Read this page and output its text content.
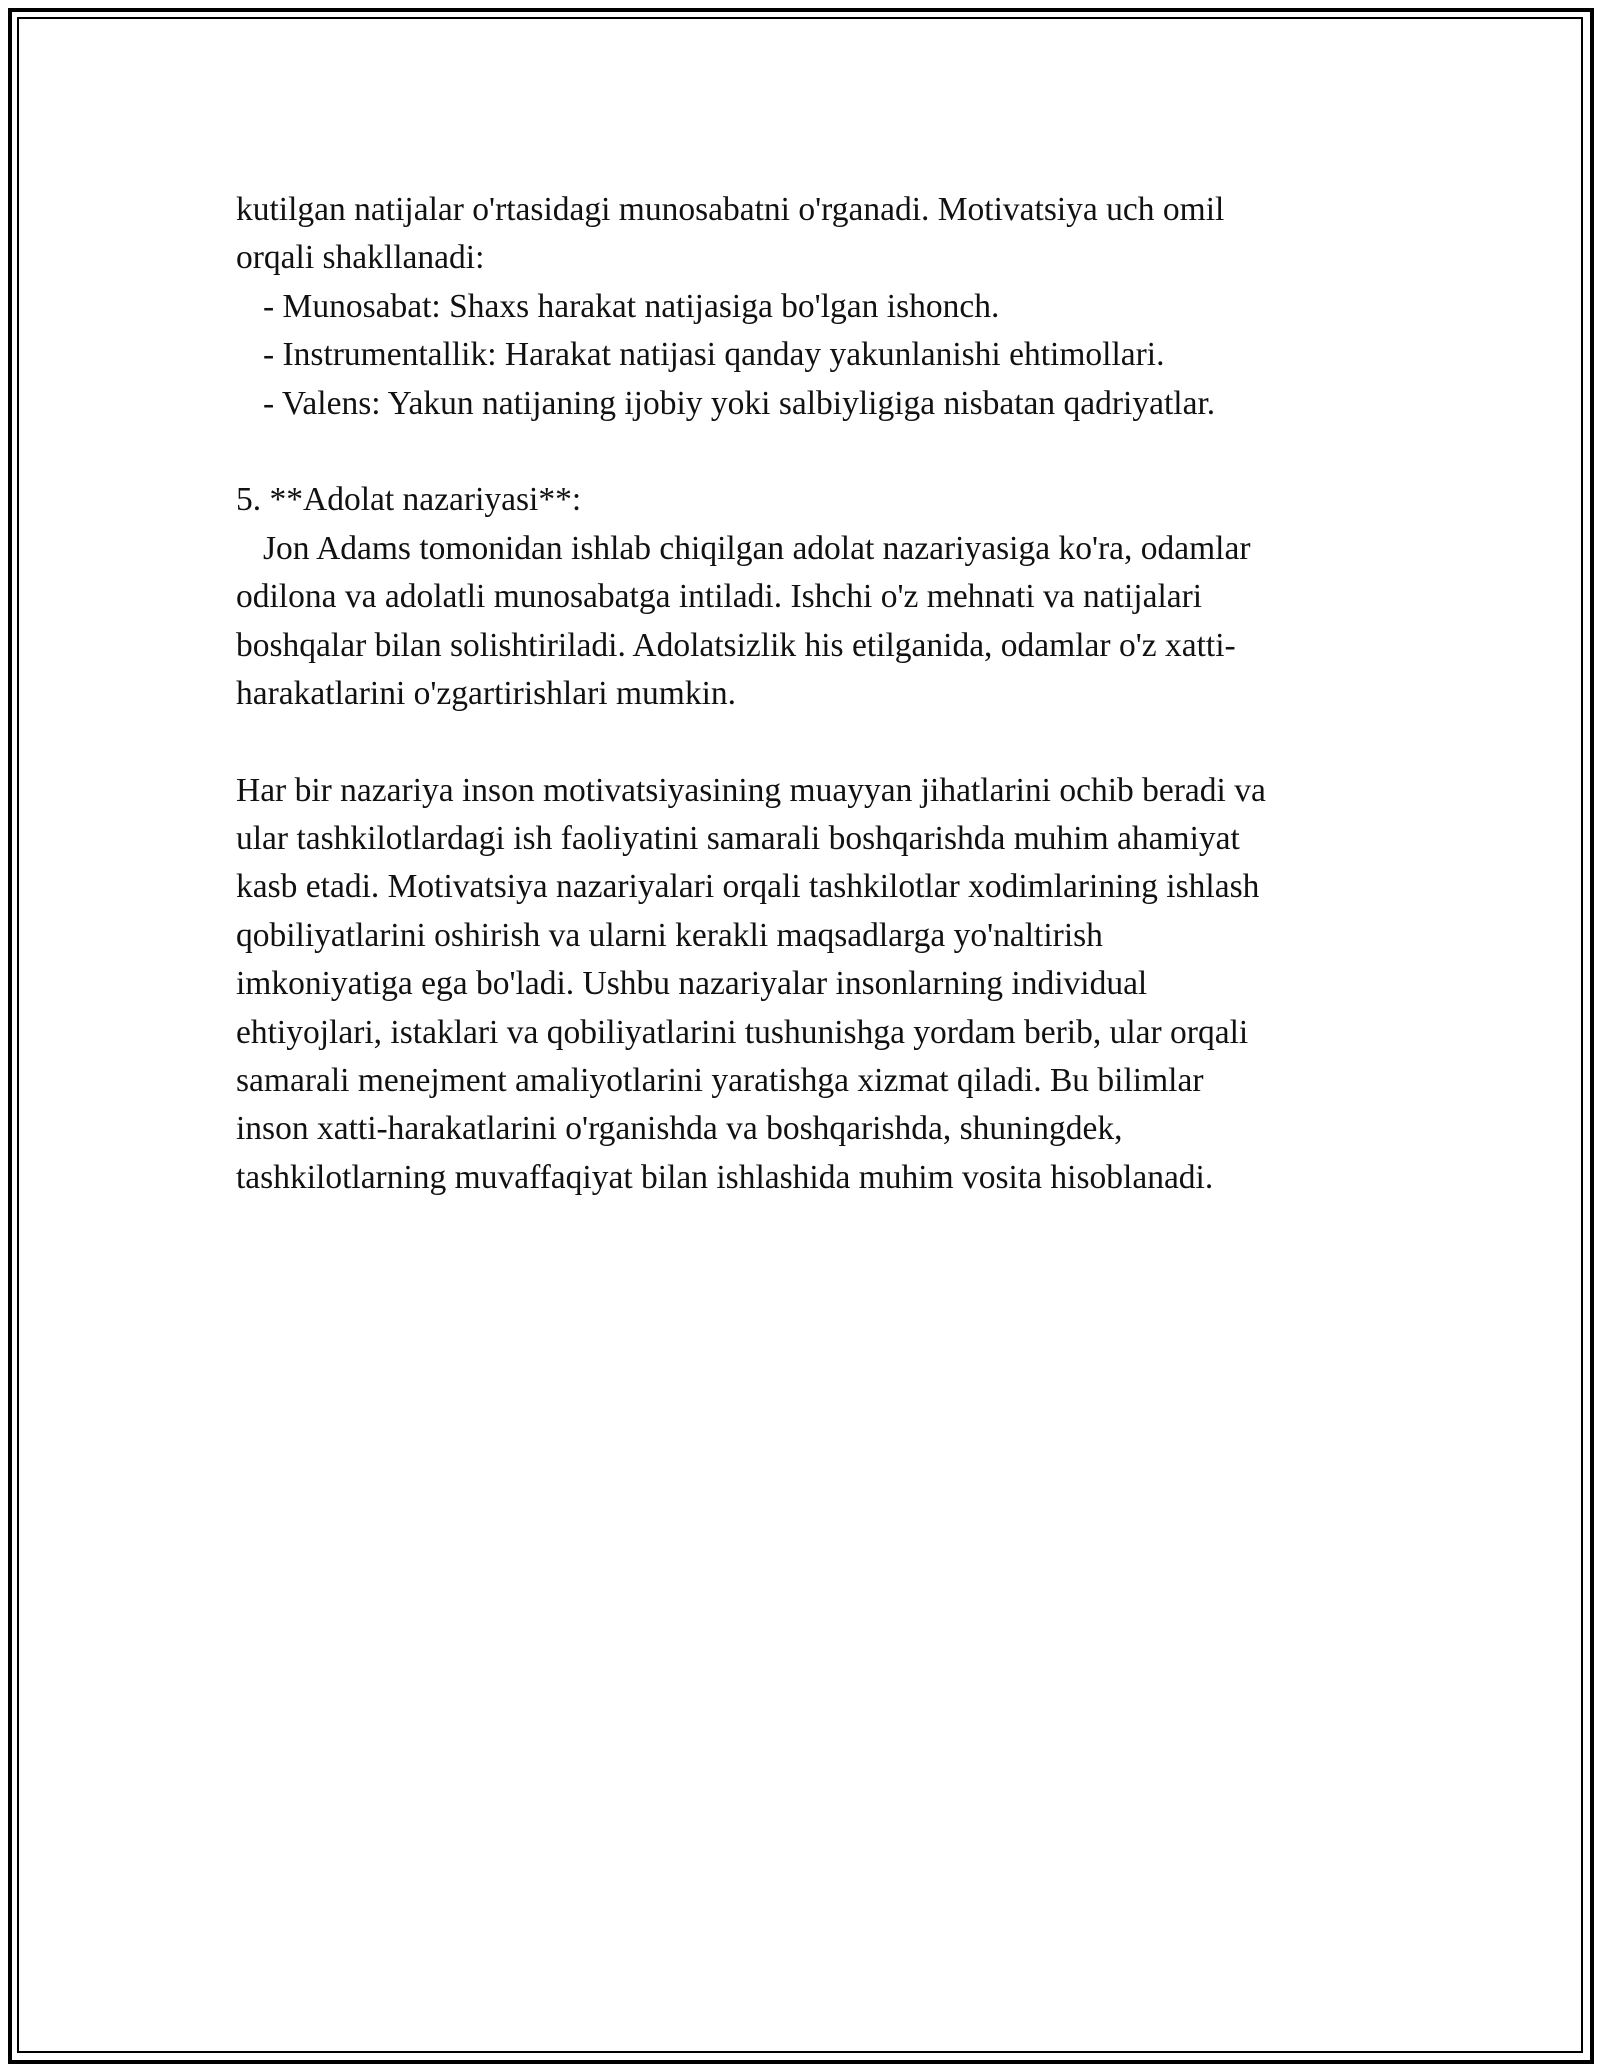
kutilgan natijalar o'rtasidagi munosabatni o'rganadi. Motivatsiya uch omil
orqali shakllanadi:
- Munosabat: Shaxs harakat natijasiga bo'lgan ishonch.
- Instrumentallik: Harakat natijasi qanday yakunlanishi ehtimollari.
- Valens: Yakun natijaning ijobiy yoki salbiyligiga nisbatan qadriyatlar.
5. **Adolat nazariyasi**:
Jon Adams tomonidan ishlab chiqilgan adolat nazariyasiga ko'ra, odamlar
odilona va adolatli munosabatga intiladi. Ishchi o'z mehnati va natijalari
boshqalar bilan solishtiriladi. Adolatsizlik his etilganida, odamlar o'z xatti-
harakatlarini o'zgartirishlari mumkin.
Har bir nazariya inson motivatsiyasining muayyan jihatlarini ochib beradi va
ular tashkilotlardagi ish faoliyatini samarali boshqarishda muhim ahamiyat
kasb etadi. Motivatsiya nazariyalari orqali tashkilotlar xodimlarining ishlash
qobiliyatlarini oshirish va ularni kerakli maqsadlarga yo'naltirish
imkoniyatiga ega bo'ladi. Ushbu nazariyalar insonlarning individual
ehtiyojlari, istaklari va qobiliyatlarini tushunishga yordam berib, ular orqali
samarali menejment amaliyotlarini yaratishga xizmat qiladi. Bu bilimlar
inson xatti-harakatlarini o'rganishda va boshqarishda, shuningdek,
tashkilotlarning muvaffaqiyat bilan ishlashida muhim vosita hisoblanadi.
